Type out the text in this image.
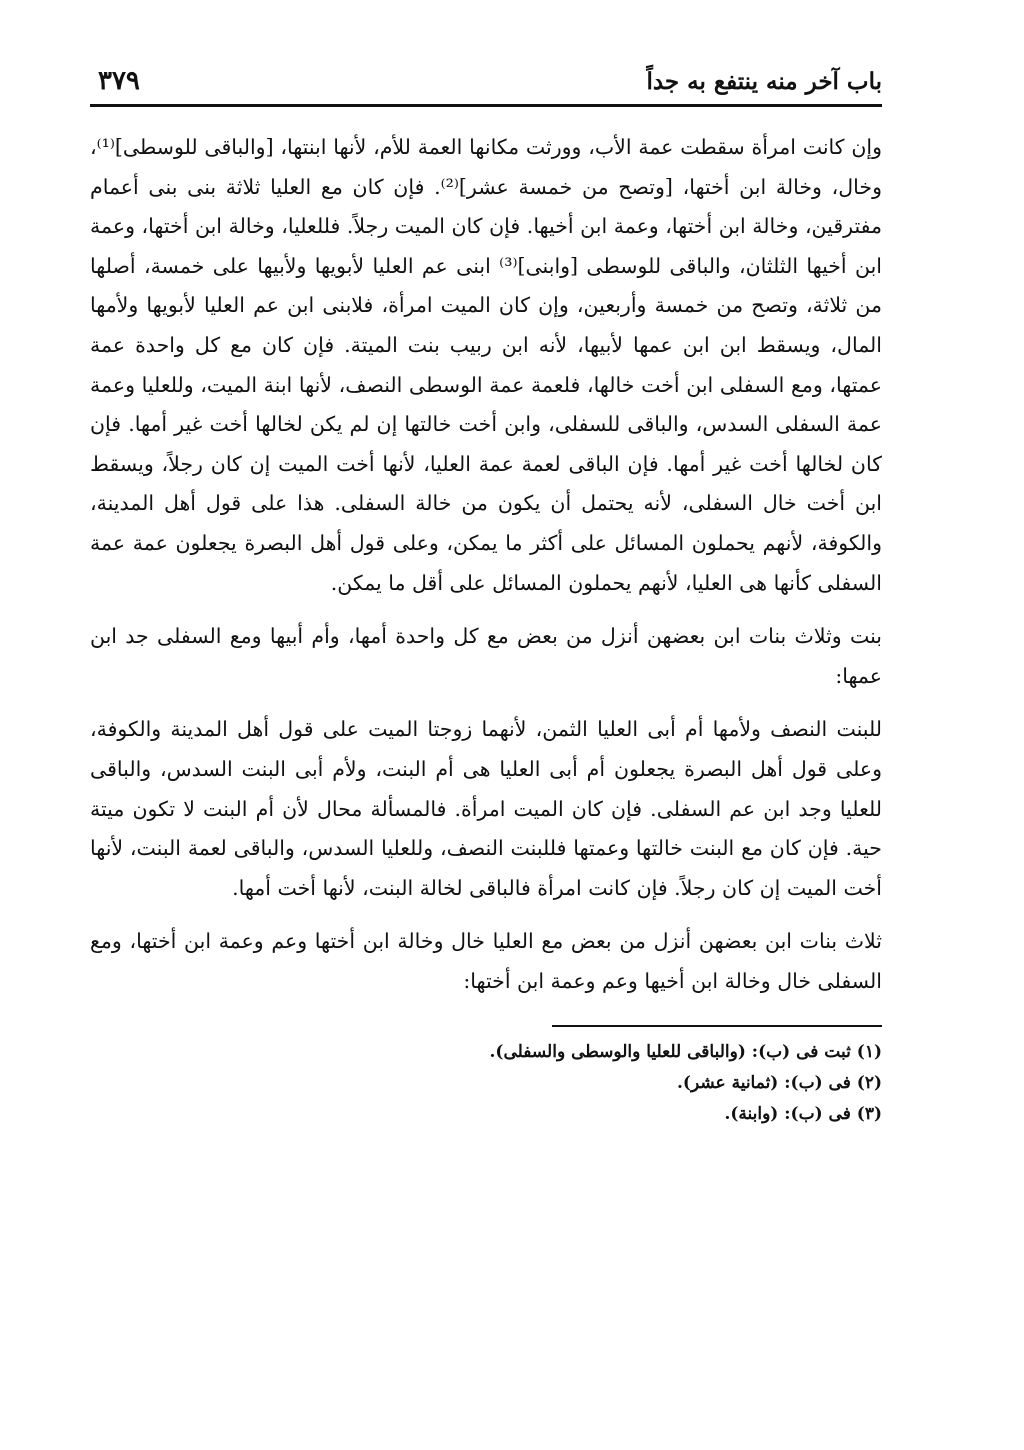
باب آخر منه ينتفع به جداً
٣٧٩

وإن كانت امرأة سقطت عمة الأب، وورثت مكانها العمة للأم، لأنها ابنتها، [والباقى للوسطى]⁽¹⁾، وخال، وخالة ابن أختها، [وتصح من خمسة عشر]⁽²⁾. فإن كان مع العليا ثلاثة بنى بنى أعمام مفترقين، وخالة ابن أختها، وعمة ابن أخيها. فإن كان الميت رجلاً. فللعليا، وخالة ابن أختها، وعمة ابن أخيها الثلثان، والباقى للوسطى [وابنى]⁽³⁾ ابنى عم العليا لأبويها ولأبيها على خمسة، أصلها من ثلاثة، وتصح من خمسة وأربعين، وإن كان الميت امرأة، فلابنى ابن عم العليا لأبويها ولأمها المال، ويسقط ابن ابن عمها لأبيها، لأنه ابن ربيب بنت الميتة. فإن كان مع كل واحدة عمة عمتها، ومع السفلى ابن أخت خالها، فلعمة عمة الوسطى النصف، لأنها ابنة الميت، وللعليا وعمة عمة السفلى السدس، والباقى للسفلى، وابن أخت خالتها إن لم يكن لخالها أخت غير أمها. فإن كان لخالها أخت غير أمها. فإن الباقى لعمة عمة العليا، لأنها أخت الميت إن كان رجلاً، ويسقط ابن أخت خال السفلى، لأنه يحتمل أن يكون من خالة السفلى. هذا على قول أهل المدينة، والكوفة، لأنهم يحملون المسائل على أكثر ما يمكن، وعلى قول أهل البصرة يجعلون عمة عمة السفلى كأنها هى العليا، لأنهم يحملون المسائل على أقل ما يمكن.

بنت وثلاث بنات ابن بعضهن أنزل من بعض مع كل واحدة أمها، وأم أبيها ومع السفلى جد ابن عمها:

للبنت النصف ولأمها أم أبى العليا الثمن، لأنهما زوجتا الميت على قول أهل المدينة والكوفة، وعلى قول أهل البصرة يجعلون أم أبى العليا هى أم البنت، ولأم أبى البنت السدس، والباقى للعليا وجد ابن عم السفلى. فإن كان الميت امرأة. فالمسألة محال لأن أم البنت لا تكون ميتة حية. فإن كان مع البنت خالتها وعمتها فللبنت النصف، وللعليا السدس، والباقى لعمة البنت، لأنها أخت الميت إن كان رجلاً. فإن كانت امرأة فالباقى لخالة البنت، لأنها أخت أمها.

ثلاث بنات ابن بعضهن أنزل من بعض مع العليا خال وخالة ابن أختها وعم وعمة ابن أختها، ومع السفلى خال وخالة ابن أخيها وعم وعمة ابن أختها:

(١) ثبت فى (ب): (والباقى للعليا والوسطى والسفلى).
(٢) فى (ب): (ثمانية عشر).
(٣) فى (ب): (وابنة).
